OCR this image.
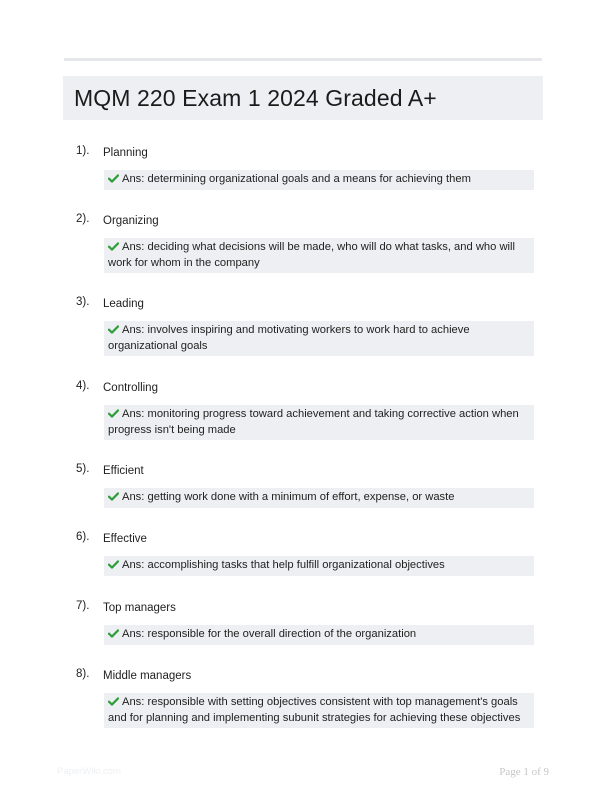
MQM 220 Exam 1 2024 Graded A+
1). Planning
Ans: determining organizational goals and a means for achieving them
2). Organizing
Ans: deciding what decisions will be made, who will do what tasks, and who will work for whom in the company
3). Leading
Ans: involves inspiring and motivating workers to work hard to achieve organizational goals
4). Controlling
Ans: monitoring progress toward achievement and taking corrective action when progress isn't being made
5). Efficient
Ans: getting work done with a minimum of effort, expense, or waste
6). Effective
Ans: accomplishing tasks that help fulfill organizational objectives
7). Top managers
Ans: responsible for the overall direction of the organization
8). Middle managers
Ans: responsible with setting objectives consistent with top management's goals and for planning and implementing subunit strategies for achieving these objectives
PaperWiki.com	Page 1 of 9
